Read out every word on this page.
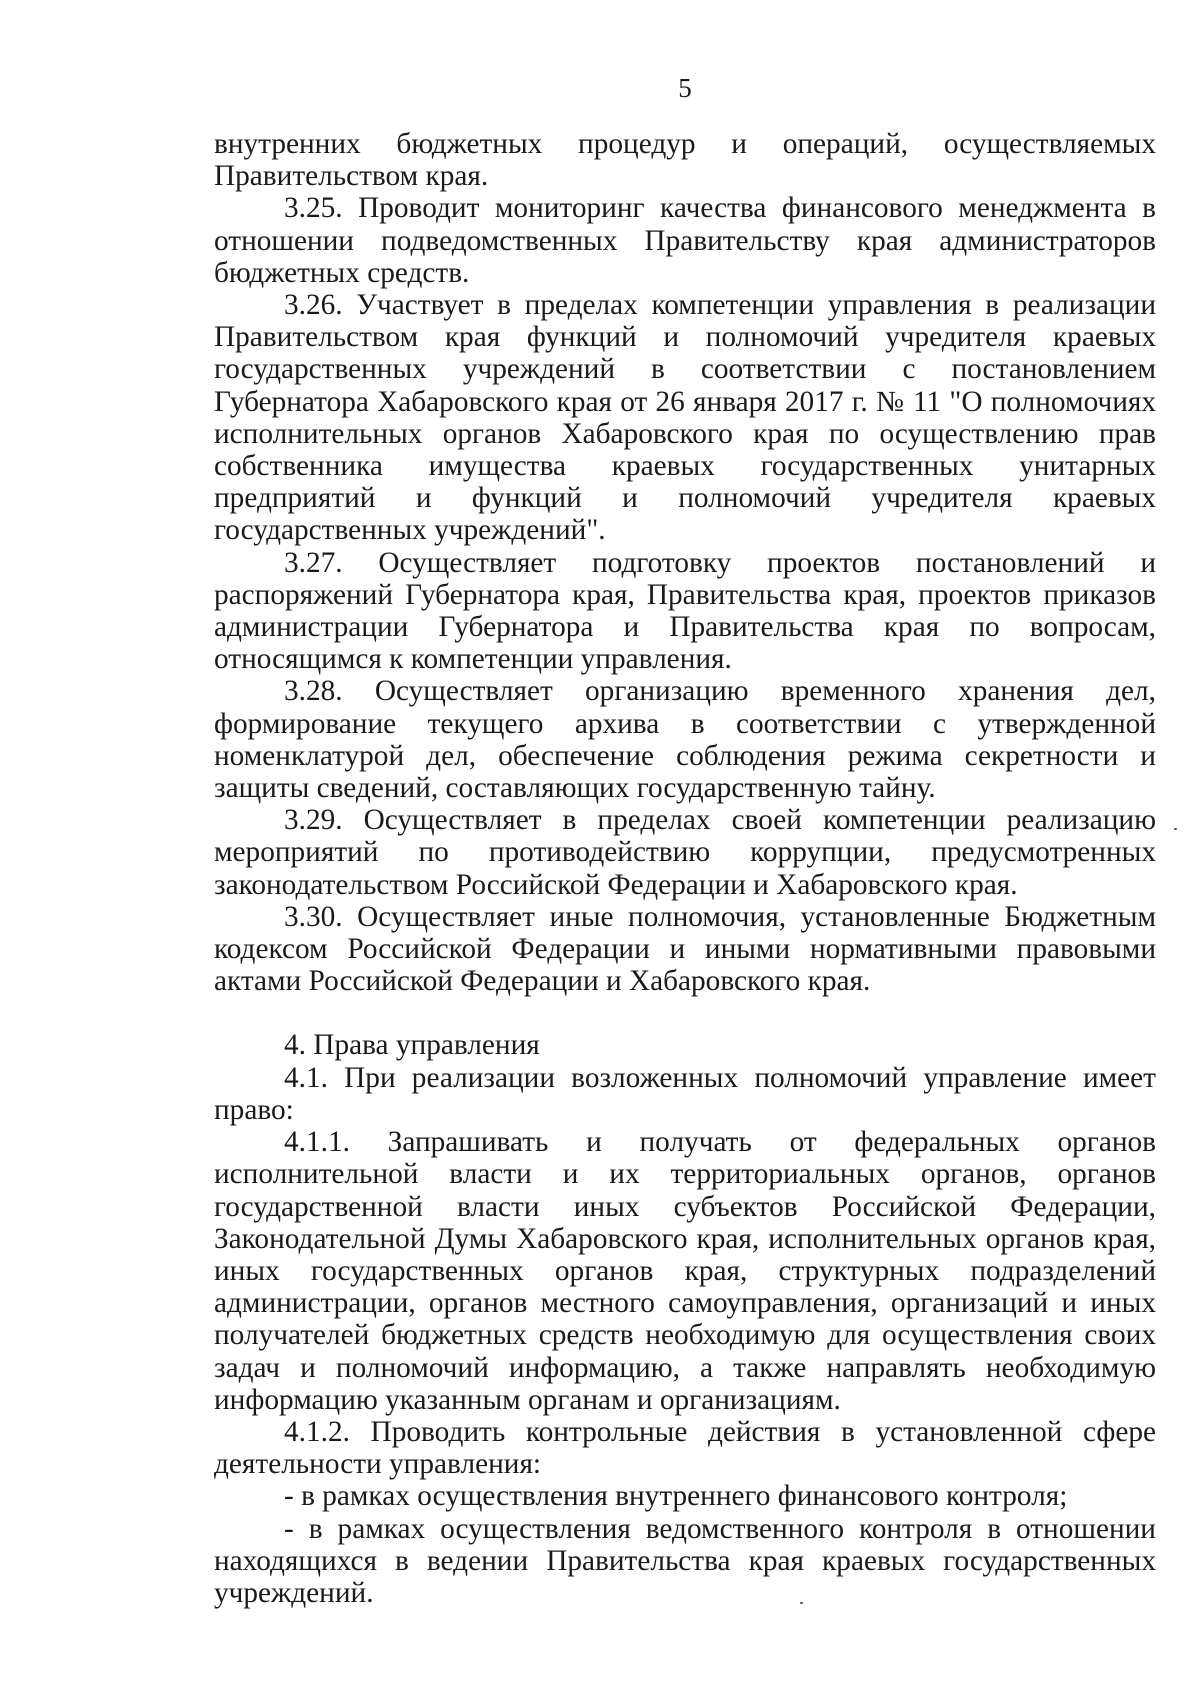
5

внутренних бюджетных процедур и операций, осуществляемых Правительством края.

3.25. Проводит мониторинг качества финансового менеджмента в отношении подведомственных Правительству края администраторов бюджетных средств.

3.26. Участвует в пределах компетенции управления в реализации Правительством края функций и полномочий учредителя краевых государственных учреждений в соответствии с постановлением Губернатора Хабаровского края от 26 января 2017 г. № 11 "О полномочиях исполнительных органов Хабаровского края по осуществлению прав собственника имущества краевых государственных унитарных предприятий и функций и полномочий учредителя краевых государственных учреждений".

3.27. Осуществляет подготовку проектов постановлений и распоряжений Губернатора края, Правительства края, проектов приказов администрации Губернатора и Правительства края по вопросам, относящимся к компетенции управления.

3.28. Осуществляет организацию временного хранения дел, формирование текущего архива в соответствии с утвержденной номенклатурой дел, обеспечение соблюдения режима секретности и защиты сведений, составляющих государственную тайну.

3.29. Осуществляет в пределах своей компетенции реализацию мероприятий по противодействию коррупции, предусмотренных законодательством Российской Федерации и Хабаровского края.

3.30. Осуществляет иные полномочия, установленные Бюджетным кодексом Российской Федерации и иными нормативными правовыми актами Российской Федерации и Хабаровского края.

4. Права управления

4.1. При реализации возложенных полномочий управление имеет право:

4.1.1. Запрашивать и получать от федеральных органов исполнительной власти и их территориальных органов, органов государственной власти иных субъектов Российской Федерации, Законодательной Думы Хабаровского края, исполнительных органов края, иных государственных органов края, структурных подразделений администрации, органов местного самоуправления, организаций и иных получателей бюджетных средств необходимую для осуществления своих задач и полномочий информацию, а также направлять необходимую информацию указанным органам и организациям.

4.1.2. Проводить контрольные действия в установленной сфере деятельности управления:

- в рамках осуществления внутреннего финансового контроля;

- в рамках осуществления ведомственного контроля в отношении находящихся в ведении Правительства края краевых государственных учреждений.
